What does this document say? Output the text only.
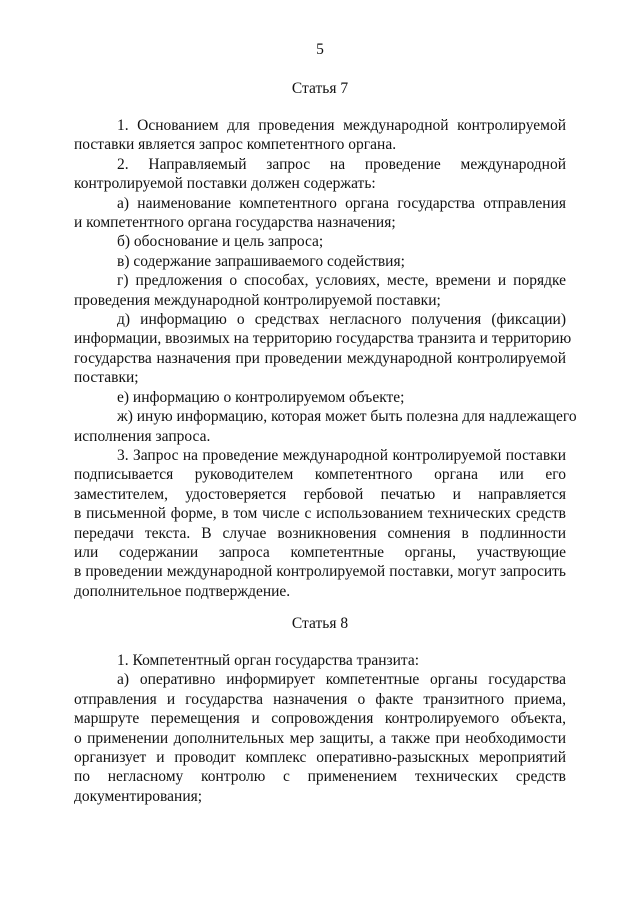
5
Статья 7
1. Основанием для проведения международной контролируемой
поставки является запрос компетентного органа.
2. Направляемый запрос на проведение международной
контролируемой поставки должен содержать:
а) наименование компетентного органа государства отправления
и компетентного органа государства назначения;
б) обоснование и цель запроса;
в) содержание запрашиваемого содействия;
г) предложения о способах, условиях, месте, времени и порядке
проведения международной контролируемой поставки;
д) информацию о средствах негласного получения (фиксации)
информации, ввозимых на территорию государства транзита и территорию
государства назначения при проведении международной контролируемой
поставки;
е) информацию о контролируемом объекте;
ж) иную информацию, которая может быть полезна для надлежащего
исполнения запроса.
3. Запрос на проведение международной контролируемой поставки
подписывается руководителем компетентного органа или его
заместителем, удостоверяется гербовой печатью и направляется
в письменной форме, в том числе с использованием технических средств
передачи текста. В случае возникновения сомнения в подлинности
или содержании запроса компетентные органы, участвующие
в проведении международной контролируемой поставки, могут запросить
дополнительное подтверждение.
Статья 8
1. Компетентный орган государства транзита:
а) оперативно информирует компетентные органы государства
отправления и государства назначения о факте транзитного приема,
маршруте перемещения и сопровождения контролируемого объекта,
о применении дополнительных мер защиты, а также при необходимости
организует и проводит комплекс оперативно-разыскных мероприятий
по негласному контролю с применением технических средств
документирования;
